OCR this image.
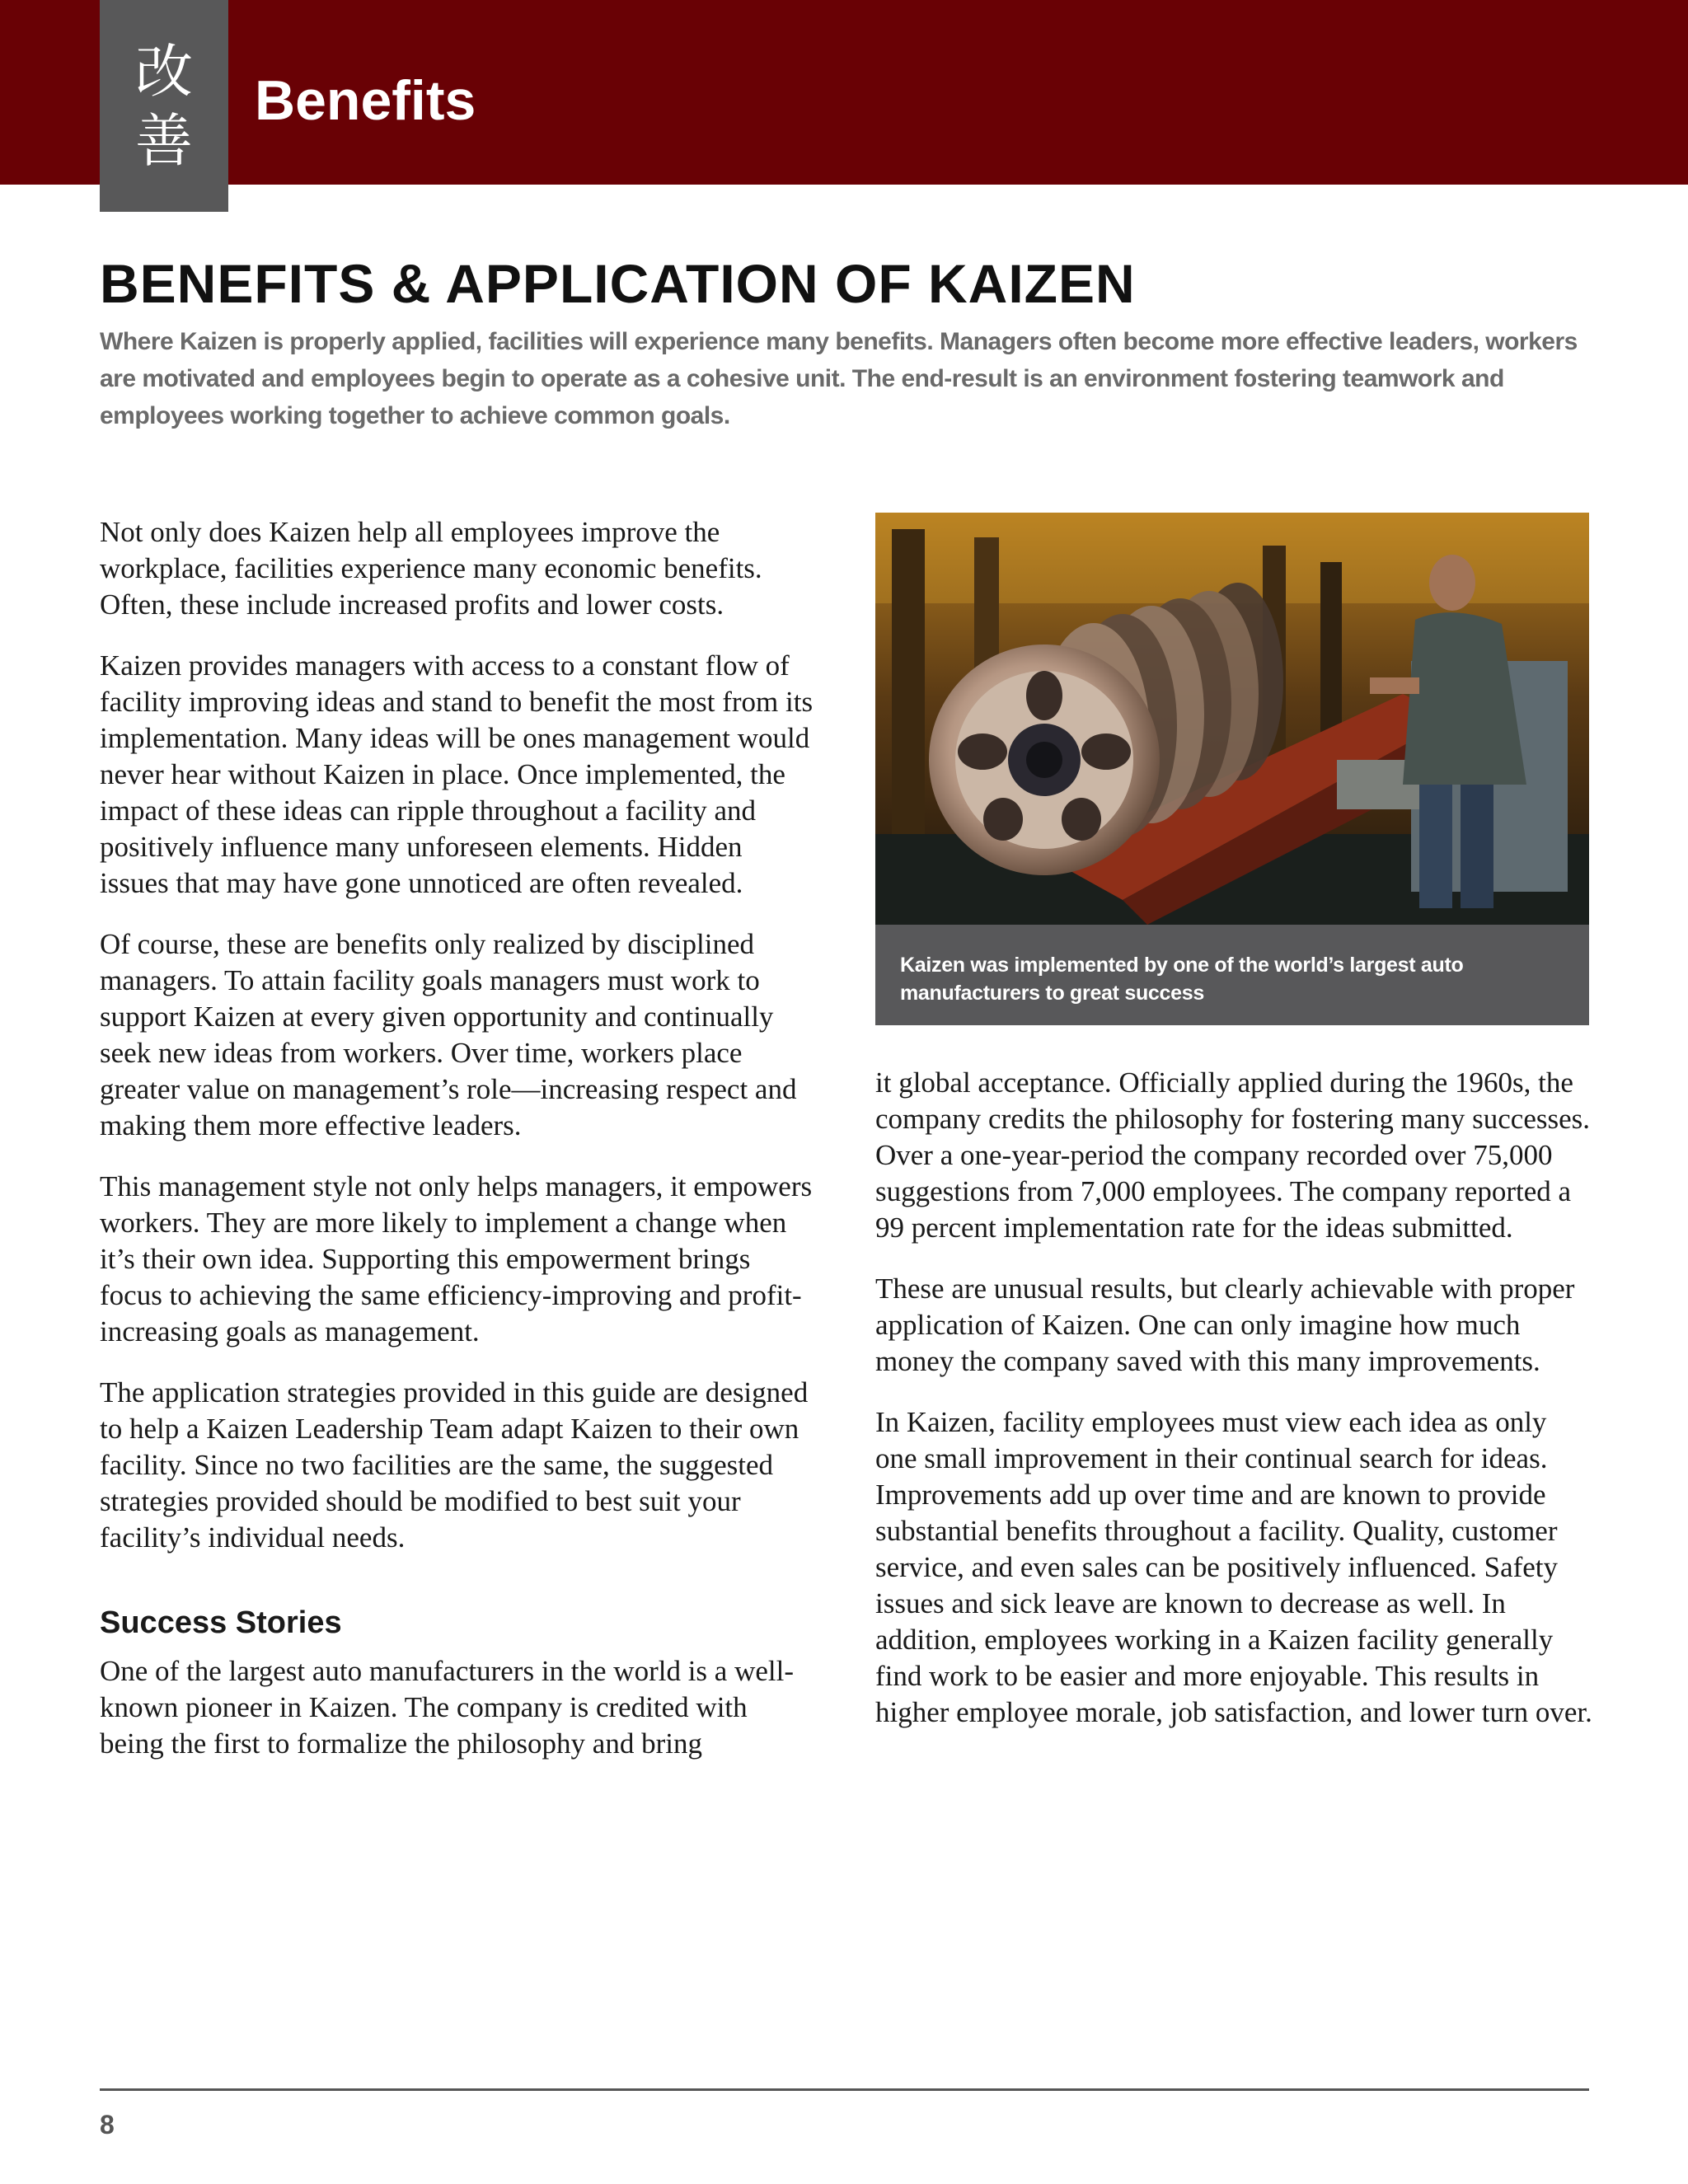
改
善
Benefits
BENEFITS & APPLICATION OF KAIZEN

Where Kaizen is properly applied, facilities will experience many benefits. Managers often become more effective leaders, workers are motivated and employees begin to operate as a cohesive unit. The end-result is an environment fostering teamwork and employees working together to achieve common goals.

Not only does Kaizen help all employees improve the workplace, facilities experience many economic benefits. Often, these include increased profits and lower costs.

Kaizen provides managers with access to a constant flow of facility improving ideas and stand to benefit the most from its implementation. Many ideas will be ones management would never hear without Kaizen in place. Once implemented, the impact of these ideas can ripple throughout a facility and positively influence many unforeseen elements. Hidden issues that may have gone unnoticed are often revealed.

Of course, these are benefits only realized by disciplined managers. To attain facility goals managers must work to support Kaizen at every given opportunity and continually seek new ideas from workers. Over time, workers place greater value on management’s role—increasing respect and making them more effective leaders.

This management style not only helps managers, it empowers workers. They are more likely to implement a change when it’s their own idea. Supporting this empowerment brings focus to achieving the same efficiency-improving and profit-increasing goals as management.

The application strategies provided in this guide are designed to help a Kaizen Leadership Team adapt Kaizen to their own facility. Since no two facilities are the same, the suggested strategies provided should be modified to best suit your facility’s individual needs.

Success Stories

One of the largest auto manufacturers in the world is a well-known pioneer in Kaizen. The company is credited with being the first to formalize the philosophy and bring

Kaizen was implemented by one of the world’s largest auto manufacturers to great success

it global acceptance. Officially applied during the 1960s, the company credits the philosophy for fostering many successes. Over a one-year-period the company recorded over 75,000 suggestions from 7,000 employees. The company reported a 99 percent implementation rate for the ideas submitted.

These are unusual results, but clearly achievable with proper application of Kaizen. One can only imagine how much money the company saved with this many improvements.

In Kaizen, facility employees must view each idea as only one small improvement in their continual search for ideas. Improvements add up over time and are known to provide substantial benefits throughout a facility. Quality, customer service, and even sales can be positively influenced. Safety issues and sick leave are known to decrease as well. In addition, employees working in a Kaizen facility generally find work to be easier and more enjoyable. This results in higher employee morale, job satisfaction, and lower turn over.

8
